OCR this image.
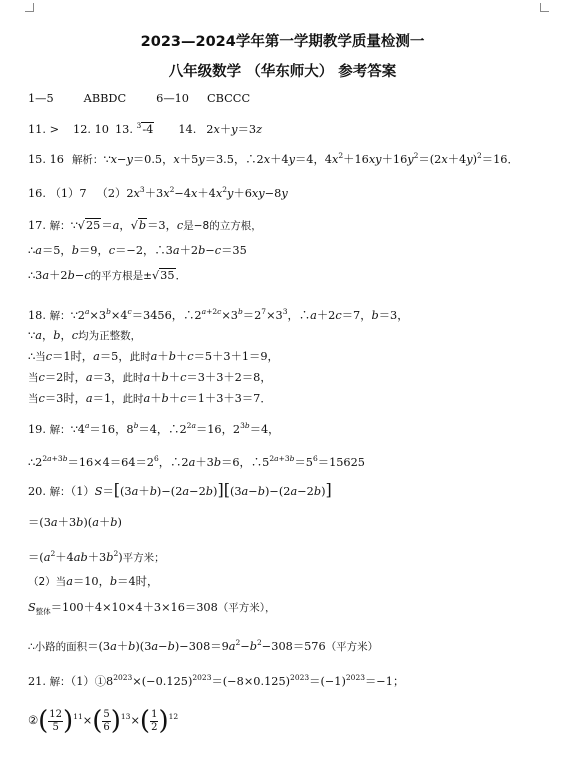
2023—2024学年第一学期教学质量检测一
八年级数学 （华东师大） 参考答案
1—5	ABBDC	6—10 CBCCC
11. > 12. 10 13. $^3$-4 14. 2x＋y＝3z
15. 16 解析：∵x−y＝0.5，x＋5y＝3.5，∴2x＋4y＝4，$4x^2+16xy+16y^2=(2x+4y)^2=16$．
16. （1）7 $(2)2x^3+3x^2-4x+4x^2y+6xy-8y$
17. 解：∵√25＝a，√b＝3，c是−8的立方根，
∴a＝5，b＝9，c＝−2，∴3a＋2b−c＝35
∴3a＋2b−c的平方根是±√35．
18. 解：$\because 2^a\times 3^b\times 4^c=3456$，$\therefore 2^{a+2c}\times 3^b=2^7\times 3^3$，∴a＋2c＝7，b＝3，
∵a，b，c均为正整数，
∴当c＝1时，a＝5，此时a＋b＋c＝5＋3＋1＝9，
当c＝2时，a＝3，此时a＋b＋c＝3＋3＋2＝8，
当c＝3时，a＝1，此时a＋b＋c＝1＋3＋3＝7．
19. 解：$\because 4^a=16$，$8^b=4$，$\therefore 2^{2a}=16$，$2^{3b}=4$，
$\therefore 2^{2a+3b}=16\times 4=64=2^6$，∴2a＋3b＝6，$\therefore 5^{2a+3b}=5^6=15625$
20. 解：（1）S＝[(3a＋b)−(2a−2b)][(3a−b)−(2a−2b)]
＝(3a＋3b)(a＋b)
$=(a^2+4ab+3b^2)$平方米；
（2）当a＝10，b＝4时，
$S_{整体}=100+4\times 10\times 4+3\times 16=308$（平方米），
∴小路的面积$=(3a+b)(3a-b)-308=9a^2-b^2-308=576$（平方米）
21. 解：$(1)①8^{2023}\times(-0.125)^{2023}=(-8\times 0.125)^{2023}=(-1)^{2023}=-1$；
②( $\frac{12}{5} )^{11}\times( \frac{5}{6} )^{13}\times( \frac{1}{2} )^{12}$
